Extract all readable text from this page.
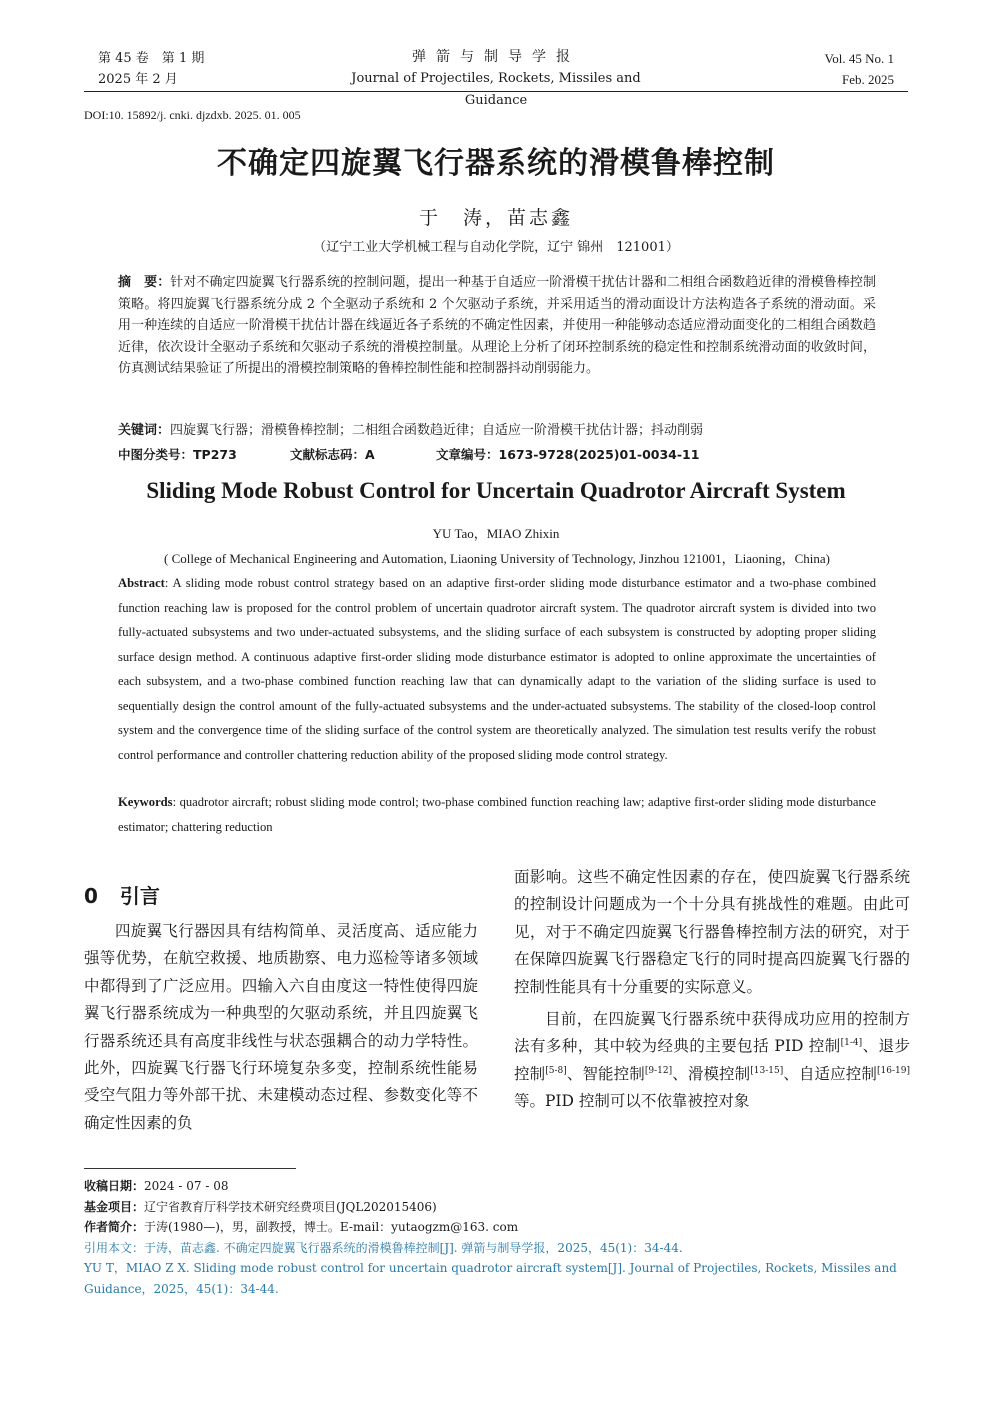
第 45 卷　第 1 期
2025 年 2 月
弹箭与制导学报
Journal of Projectiles, Rockets, Missiles and Guidance
Vol. 45 No. 1
Feb. 2025
DOI:10. 15892/j. cnki. djzdxb. 2025. 01. 005
不确定四旋翼飞行器系统的滑模鲁棒控制
于　涛，苗志鑫
（辽宁工业大学机械工程与自动化学院，辽宁 锦州　121001）
摘　要：针对不确定四旋翼飞行器系统的控制问题，提出一种基于自适应一阶滑模干扰估计器和二相组合函数趋近律的滑模鲁棒控制策略。将四旋翼飞行器系统分成 2 个全驱动子系统和 2 个欠驱动子系统，并采用适当的滑动面设计方法构造各子系统的滑动面。采用一种连续的自适应一阶滑模干扰估计器在线逼近各子系统的不确定性因素，并使用一种能够动态适应滑动面变化的二相组合函数趋近律，依次设计全驱动子系统和欠驱动子系统的滑模控制量。从理论上分析了闭环控制系统的稳定性和控制系统滑动面的收敛时间，仿真测试结果验证了所提出的滑模控制策略的鲁棒控制性能和控制器抖动削弱能力。
关键词：四旋翼飞行器；滑模鲁棒控制；二相组合函数趋近律；自适应一阶滑模干扰估计器；抖动削弱
中图分类号：TP273	文献标志码：A	文章编号：1673-9728(2025)01-0034-11
Sliding Mode Robust Control for Uncertain Quadrotor Aircraft System
YU Tao，MIAO Zhixin
( College of Mechanical Engineering and Automation, Liaoning University of Technology, Jinzhou 121001，Liaoning，China)
Abstract: A sliding mode robust control strategy based on an adaptive first-order sliding mode disturbance estimator and a two-phase combined function reaching law is proposed for the control problem of uncertain quadrotor aircraft system. The quadrotor aircraft system is divided into two fully-actuated subsystems and two under-actuated subsystems, and the sliding surface of each subsystem is constructed by adopting proper sliding surface design method. A continuous adaptive first-order sliding mode disturbance estimator is adopted to online approximate the uncertainties of each subsystem, and a two-phase combined function reaching law that can dynamically adapt to the variation of the sliding surface is used to sequentially design the control amount of the fully-actuated subsystems and the under-actuated subsystems. The stability of the closed-loop control system and the convergence time of the sliding surface of the control system are theoretically analyzed. The simulation test results verify the robust control performance and controller chattering reduction ability of the proposed sliding mode control strategy.
Keywords: quadrotor aircraft; robust sliding mode control; two-phase combined function reaching law; adaptive first-order sliding mode disturbance estimator; chattering reduction
0 引言

四旋翼飞行器因具有结构简单、灵活度高、适应能力强等优势，在航空救援、地质勘察、电力巡检等诸多领域中都得到了广泛应用。四输入六自由度这一特性使得四旋翼飞行器系统成为一种典型的欠驱动系统，并且四旋翼飞行器系统还具有高度非线性与状态强耦合的动力学特性。此外，四旋翼飞行器飞行环境复杂多变，控制系统性能易受空气阻力等外部干扰、未建模动态过程、参数变化等不确定性因素的负

面影响。这些不确定性因素的存在，使四旋翼飞行器系统的控制设计问题成为一个十分具有挑战性的难题。由此可见，对于不确定四旋翼飞行器鲁棒控制方法的研究，对于在保障四旋翼飞行器稳定飞行的同时提高四旋翼飞行器的控制性能具有十分重要的实际意义。

目前，在四旋翼飞行器系统中获得成功应用的控制方法有多种，其中较为经典的主要包括 PID 控制[1-4]、退步控制[5-8]、智能控制[9-12]、滑模控制[13-15]、自适应控制[16-19]等。PID 控制可以不依靠被控对象

收稿日期：2024 - 07 - 08
基金项目：辽宁省教育厅科学技术研究经费项目(JQL202015406)
作者简介：于涛(1980—)，男，副教授，博士。E-mail：yutaogzm@163. com
引用本文：于涛，苗志鑫. 不确定四旋翼飞行器系统的滑模鲁棒控制[J]. 弹箭与制导学报，2025，45(1)：34-44.
YU T，MIAO Z X. Sliding mode robust control for uncertain quadrotor aircraft system[J]. Journal of Projectiles, Rockets, Missiles and Guidance，2025，45(1)：34-44.
